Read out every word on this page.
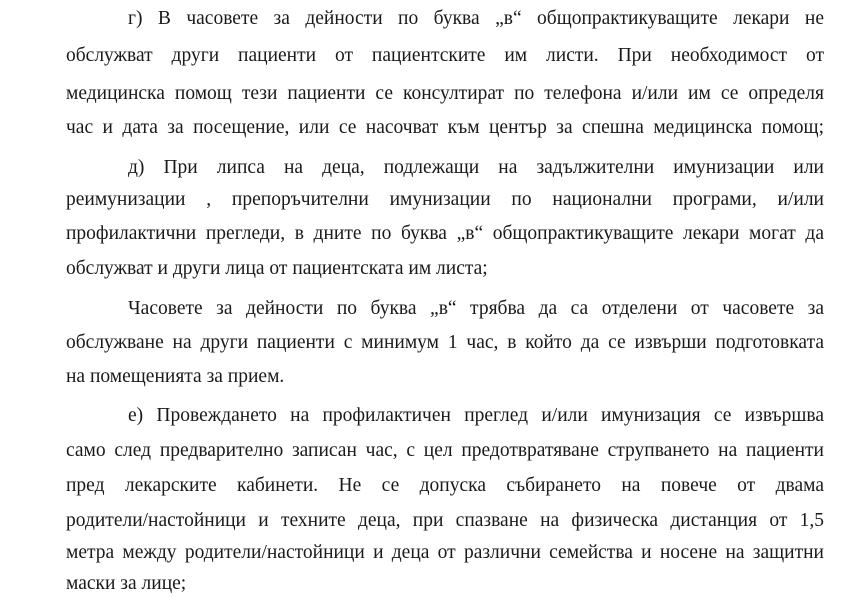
г) В часовете за дейности по буква „в“ общопрактикуващите лекари не

обслужват други пациенти от пациентските им листи. При необходимост от

медицинска помощ тези пациенти се консултират по телефона и/или им се определя

час и дата за посещение, или се насочват към център за спешна медицинска помощ;

д) При липса на деца, подлежащи на задължителни имунизации или

реимунизации , препоръчителни имунизации по национални програми, и/или

профилактични прегледи, в дните по буква „в“ общопрактикуващите лекари могат да

обслужват и други лица от пациентската им листа;

Часовете за дейности по буква „в“ трябва да са отделени от часовете за

обслужване на други пациенти с минимум 1 час, в който да се извърши подготовката

на помещенията за прием.

е) Провеждането на профилактичен преглед и/или имунизация се извършва

само след предварително записан час, с цел предотвратяване струпването на пациенти

пред лекарските кабинети. Не се допуска събирането на повече от двама

родители/настойници и техните деца, при спазване на физическа дистанция от 1,5

метра между родители/настойници и деца от различни семейства и носене на защитни

маски за лице;
